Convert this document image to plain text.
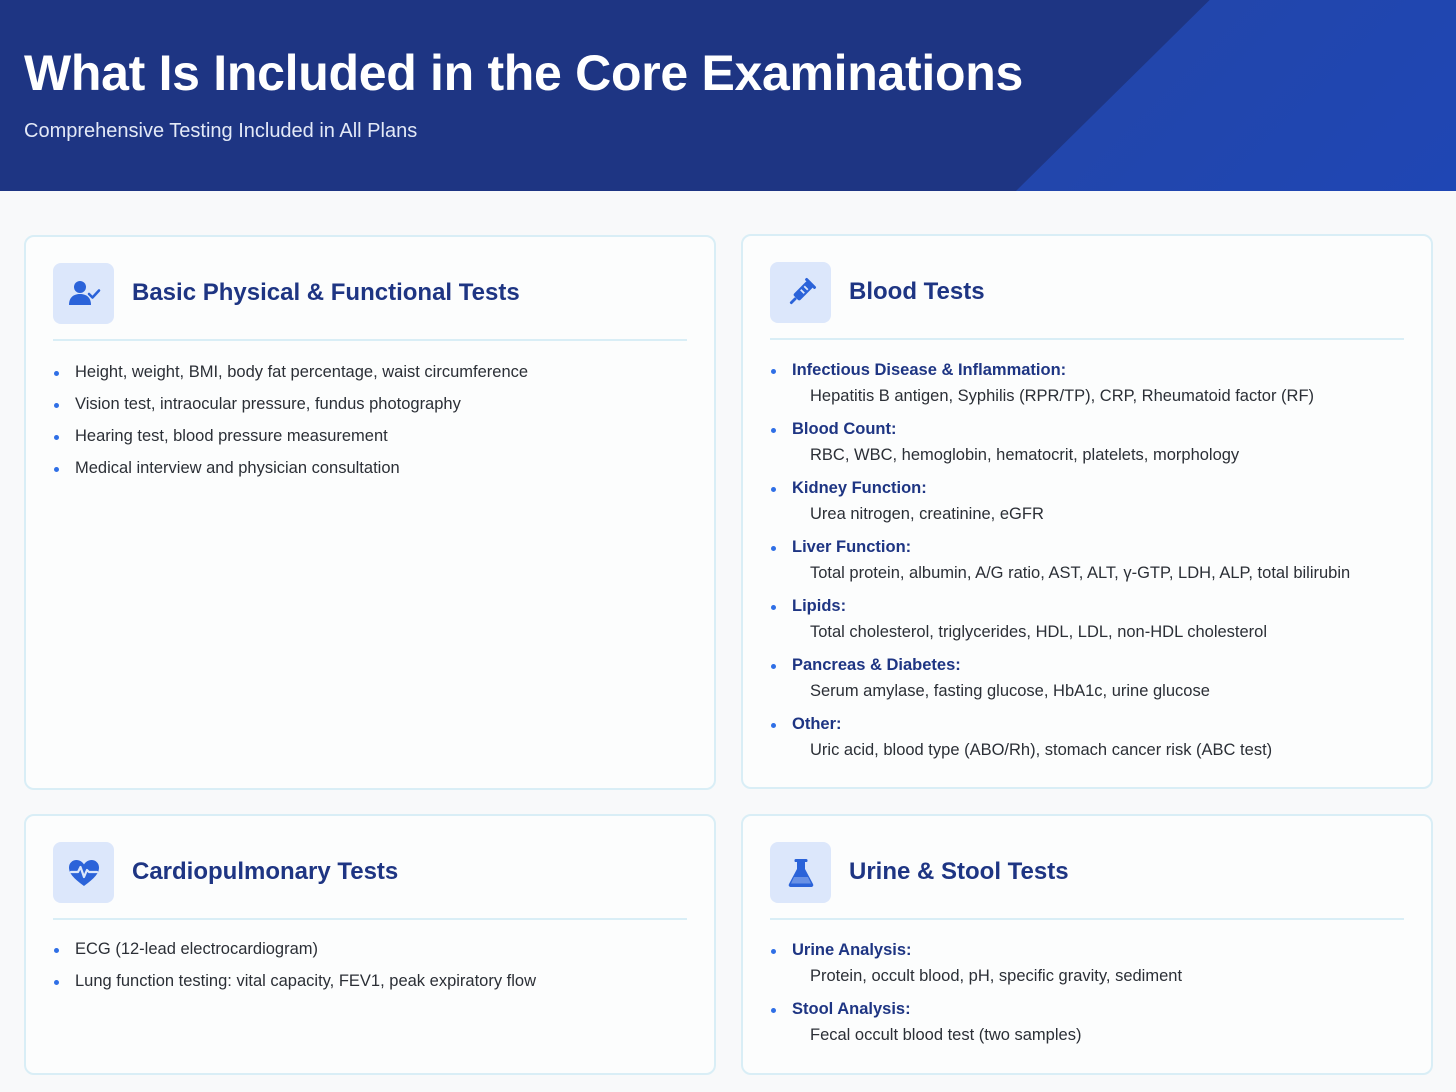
What Is Included in the Core Examinations
Comprehensive Testing Included in All Plans
Basic Physical & Functional Tests
Height, weight, BMI, body fat percentage, waist circumference
Vision test, intraocular pressure, fundus photography
Hearing test, blood pressure measurement
Medical interview and physician consultation
Blood Tests
Infectious Disease & Inflammation:
Hepatitis B antigen, Syphilis (RPR/TP), CRP, Rheumatoid factor (RF)
Blood Count:
RBC, WBC, hemoglobin, hematocrit, platelets, morphology
Kidney Function:
Urea nitrogen, creatinine, eGFR
Liver Function:
Total protein, albumin, A/G ratio, AST, ALT, γ-GTP, LDH, ALP, total bilirubin
Lipids:
Total cholesterol, triglycerides, HDL, LDL, non-HDL cholesterol
Pancreas & Diabetes:
Serum amylase, fasting glucose, HbA1c, urine glucose
Other:
Uric acid, blood type (ABO/Rh), stomach cancer risk (ABC test)
Cardiopulmonary Tests
ECG (12-lead electrocardiogram)
Lung function testing: vital capacity, FEV1, peak expiratory flow
Urine & Stool Tests
Urine Analysis:
Protein, occult blood, pH, specific gravity, sediment
Stool Analysis:
Fecal occult blood test (two samples)
